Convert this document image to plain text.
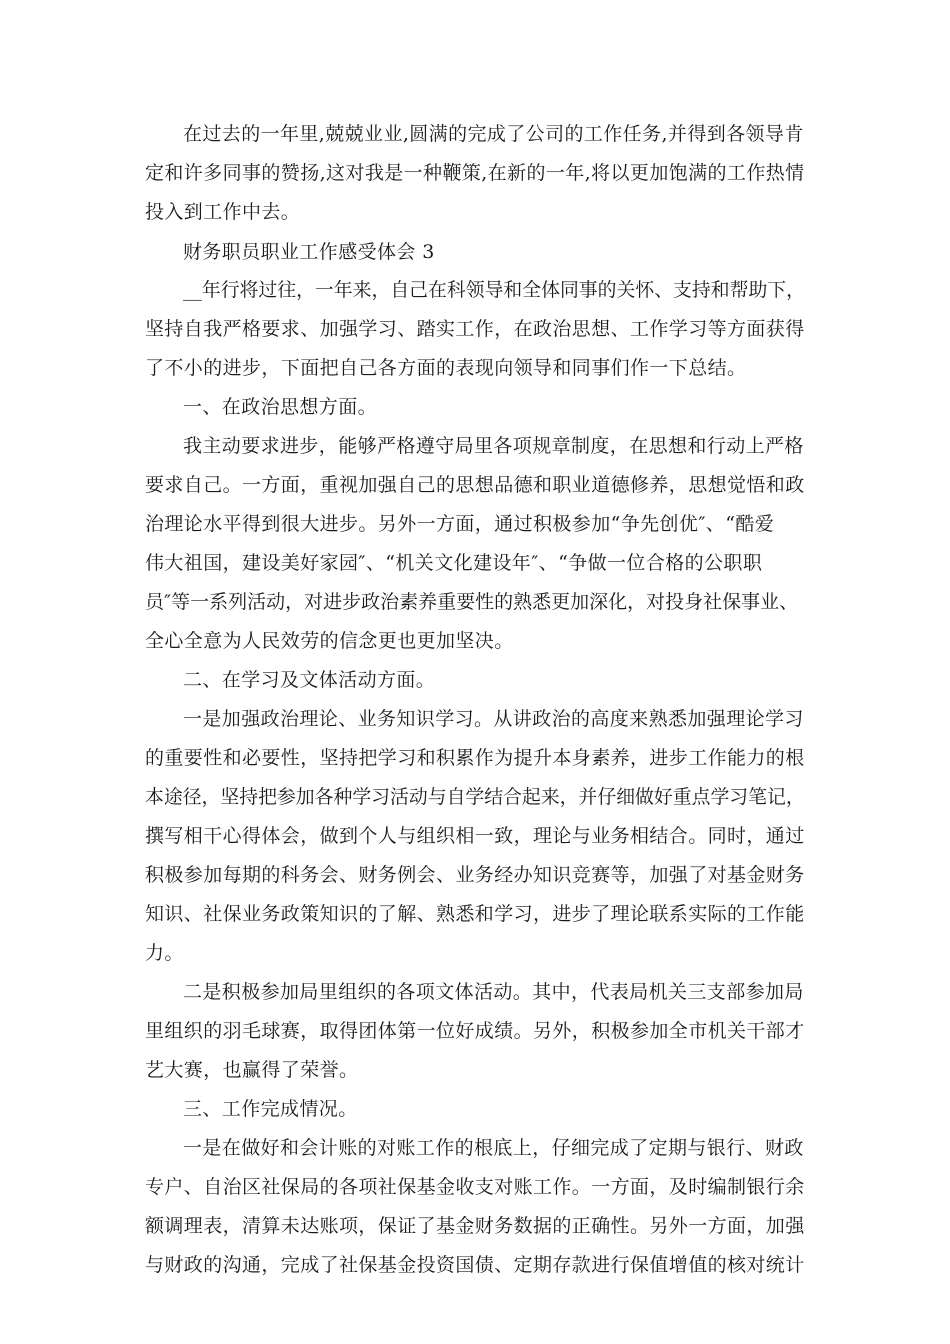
在过去的一年里,兢兢业业,圆满的完成了公司的工作任务,并得到各领导肯
定和许多同事的赞扬,这对我是一种鞭策,在新的一年,将以更加饱满的工作热情
投入到工作中去。
财务职员职业工作感受体会 3
__年行将过往，一年来，自己在科领导和全体同事的关怀、支持和帮助下，
坚持自我严格要求、加强学习、踏实工作，在政治思想、工作学习等方面获得
了不小的进步，下面把自己各方面的表现向领导和同事们作一下总结。
一、在政治思想方面。
我主动要求进步，能够严格遵守局里各项规章制度，在思想和行动上严格
要求自己。一方面，重视加强自己的思想品德和职业道德修养，思想觉悟和政
治理论水平得到很大进步。另外一方面，通过积极参加“争先创优″、“酷爱
伟大祖国，建设美好家园″、“机关文化建设年″、“争做一位合格的公职职
员″等一系列活动，对进步政治素养重要性的熟悉更加深化，对投身社保事业、
全心全意为人民效劳的信念更也更加坚决。
二、在学习及文体活动方面。
一是加强政治理论、业务知识学习。从讲政治的高度来熟悉加强理论学习
的重要性和必要性，坚持把学习和积累作为提升本身素养，进步工作能力的根
本途径，坚持把参加各种学习活动与自学结合起来，并仔细做好重点学习笔记，
撰写相干心得体会，做到个人与组织相一致，理论与业务相结合。同时，通过
积极参加每期的科务会、财务例会、业务经办知识竞赛等，加强了对基金财务
知识、社保业务政策知识的了解、熟悉和学习，进步了理论联系实际的工作能
力。
二是积极参加局里组织的各项文体活动。其中，代表局机关三支部参加局
里组织的羽毛球赛，取得团体第一位好成绩。另外，积极参加全市机关干部才
艺大赛，也赢得了荣誉。
三、工作完成情况。
一是在做好和会计账的对账工作的根底上，仔细完成了定期与银行、财政
专户、自治区社保局的各项社保基金收支对账工作。一方面，及时编制银行余
额调理表，清算未达账项，保证了基金财务数据的正确性。另外一方面，加强
与财政的沟通，完成了社保基金投资国债、定期存款进行保值增值的核对统计
